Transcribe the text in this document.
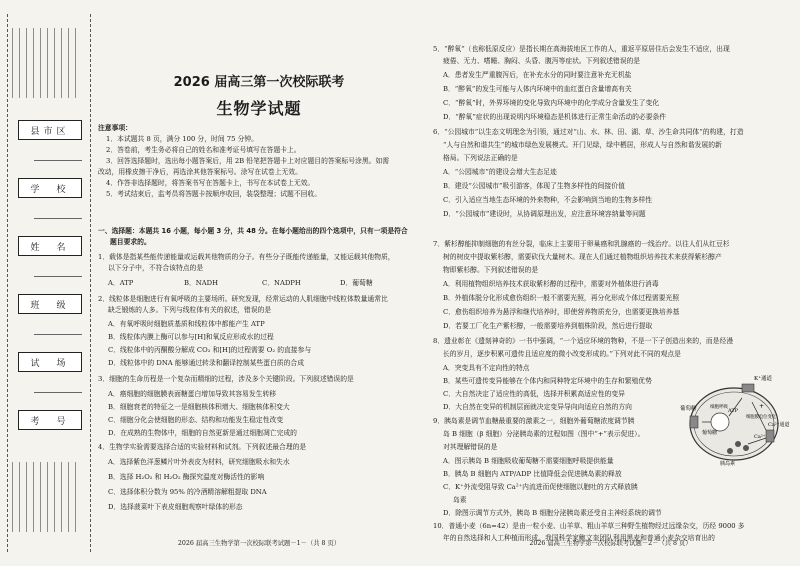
县市区
学　校
姓　名
班　级
试　场
考　号
2026 届高三第一次校际联考
生物学试题

注意事项：

1．本试题共 8 页，满分 100 分，时间 75 分钟。

2．答卷前，考生务必将自己的姓名和准考证号填写在答题卡上。

3．回答选择题时，选出每小题答案后，用 2B 铅笔把答题卡上对应题目的答案标号涂黑。如需

改动，用橡皮擦干净后，再选涂其他答案标号。涂写在试卷上无效。

4．作答非选择题时，将答案书写在答题卡上，书写在本试卷上无效。

5．考试结束后，监考员将答题卡按顺序收回，装袋整理；试题不回收。

一、选择题：本题共 16 小题，每小题 3 分，共 48 分。在每小题给出的四个选项中，只有一项是符合

题目要求的。

1．载体是指某些能传递能量或运载其他物质的分子。有些分子既能传递能量，又能运载其他物质，

以下分子中，不符合该特点的是

A．ATP	B．NADH	C．NADPH	D．葡萄糖

2．线粒体是细胞进行有氧呼吸的主要场所。研究发现，经常运动的人肌细胞中线粒体数量通常比

缺乏锻炼的人多。下列与线粒体有关的叙述，错误的是

A．有氧呼吸时细胞质基质和线粒体中都能产生 ATP

B．线粒体内膜上酶可以参与[H]和氧反应形成水的过程

C．线粒体中的丙酮酸分解成 CO₂ 和[H]的过程需要 O₂ 的直接参与

D．线粒体中的 DNA 能够通过转录和翻译控制某些蛋白质的合成

3．细胞的生命历程是一个复杂而精细的过程，涉及多个关键阶段。下列叙述错误的是

A．癌细胞的细胞膜表面糖蛋白增加导致其容易发生转移

B．细胞衰老的特征之一是细胞核体积增大、细胞核体积变大

C．细胞分化会使细胞的形态、结构和功能发生稳定性改变

D．在成熟的生物体中，细胞的自然更新是通过细胞凋亡完成的

4．生物学实验需要选择合适的实验材料和试剂。下列叙述最合理的是

A．选择紫色洋葱鳞片叶外表皮为材料，研究细胞吸水和失水

B．选择 H₂O₂ 和 H₂O₂ 酶探究温度对酶活性的影响

C．选择体积分数为 95% 的冷酒精溶解粗提取 DNA

D．选择菠菜叶下表皮细胞观察叶绿体的形态

2026 届高三生物学第一次校际联考试题－1－（共 8 页）

5．“醉氧”（也称低原反应）是指长期在高海拔地区工作的人，重返平原居住后会发生不适应，出现

疲倦、无力、嗜睡、胸闷、头昏、腹泻等症状。下列叙述错误的是

A．患者发生严重腹泻后，在补充水分的同时要注意补充无机盐

B．“醉氧”的发生可能与人体内环境中的血红蛋白含量增高有关

C．“醉氧”时，外界环境的变化导致内环境中的化学成分含量发生了变化

D．“醉氧”症状的出现说明内环境稳态是机体进行正常生命活动的必要条件

6．“公园城市”以生态文明理念为引领，通过对“山、水、林、田、湖、草、沙生命共同体”的构建，打造

“人与自然和谐共生”的城市绿色发展模式。开门见绿，绿中栖居，形成人与自然和谐发展的新

格局。下列说法正确的是

A．“公园城市”的建设会增大生态足迹

B．建设“公园城市”吸引游客，体现了生物多样性的间接价值

C．引入适应当地生态环境的外来物种，不会影响到当地的生物多样性

D．“公园城市”建设时，从协调原理出发，应注意环境容纳量等问题

7．紫杉醇能抑制细胞的有丝分裂，临床上主要用于卵巢癌和乳腺癌的一线治疗。以往人们从红豆杉

树的树皮中提取紫杉醇，需要砍伐大量树木。现在人们通过植物组织培养技术来获得紫杉醇产

物即紫杉醇。下列叙述错误的是

A．利用植物组织培养技术获取紫杉醇的过程中，需要对外植体进行消毒

B．外植体脱分化形成愈伤组织一般不需要光照，再分化形成个体过程需要光照

C．愈伤组织培养为悬浮和继代培养时，即使营养物质充分，也需要更换培养基

D．若要工厂化生产紫杉醇，一般需要培养到植株阶段，然后进行提取

8．遗业彰在《遗刻神奇的》一书中强调，“一个适应环境的物种，不是一下子创造出来的，而是经漫

长的岁月，逐步积累可遗传且适应度的微小改变形成的。”下列对此不同的观点是

A．突变具有不定向性的特点

B．某些可遗传变异能够在个体内和同种特定环境中的生存和繁殖优势

C．大自然决定了适应性的高低，选择并积累高适应性的变异

D．大自然在变异的机制层面就决定变异导向向适应自然的方向

9．胰岛素是调节血糖最重要的激素之一，细胞外葡萄糖浓度调节胰

岛 B 细胞（β 细胞）分泌胰岛素的过程如图（图中“+”表示促进）。

对其理解错误的是

A．图示胰岛 B 细胞吸收葡萄糖不需要细胞呼吸提供能量

B．胰岛 B 细胞内 ATP/ADP 比值降低会促进胰岛素的释放

C．K⁺外流受阻导致 Ca²⁺内流进而促使细胞以胞吐的方式释放胰

岛素

D．除图示调节方式外，胰岛 B 细胞分泌胰岛素还受自主神经系统的调节

10．普通小麦（6n=42）是由一粒小麦、山羊草、粗山羊草三种野生植物经过远缘杂交，历经 9000 多

年的自然选择和人工种植而形成。我国科学家鲍文奎团队利用黑麦和普通小麦杂交培育出的

K⁺通道
葡萄糖
葡萄糖
ATP
细胞呼吸
Ca²⁺
胰岛素
Ca²⁺通道
细胞膜电位变化
+
2026 届高三生物学第一次校际联考试题－2－（共 8 页）
